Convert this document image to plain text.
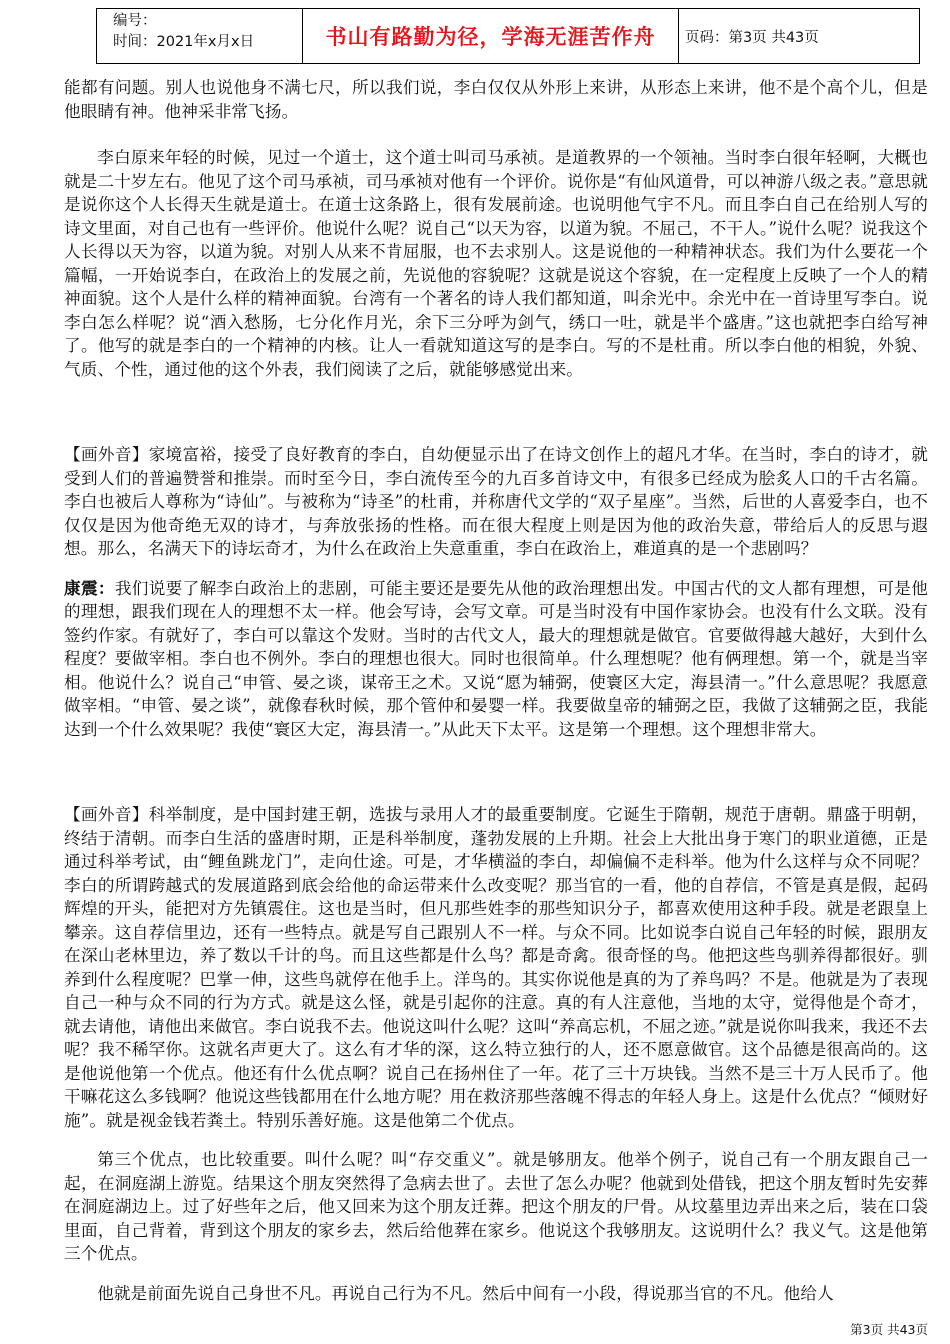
编号：
时间：2021年x月x日	书山有路勤为径，学海无涯苦作舟	页码：第3页 共43页

能都有问题。别人也说他身不满七尺，所以我们说，李白仅仅从外形上来讲，从形态上来讲，他不是个高个儿，但是他眼睛有神。他神采非常飞扬。

李白原来年轻的时候，见过一个道士，这个道士叫司马承祯。是道教界的一个领袖。当时李白很年轻啊，大概也就是二十岁左右。他见了这个司马承祯，司马承祯对他有一个评价。说你是“有仙风道骨，可以神游八级之表。”意思就是说你这个人长得天生就是道士。在道士这条路上，很有发展前途。也说明他气宇不凡。而且李白自己在给别人写的诗文里面，对自己也有一些评价。他说什么呢？说自己“以天为容，以道为貌。不屈己，不干人。”说什么呢？说我这个人长得以天为容，以道为貌。对别人从来不肯屈服，也不去求别人。这是说他的一种精神状态。我们为什么要花一个篇幅，一开始说李白，在政治上的发展之前，先说他的容貌呢？这就是说这个容貌，在一定程度上反映了一个人的精神面貌。这个人是什么样的精神面貌。台湾有一个著名的诗人我们都知道，叫余光中。余光中在一首诗里写李白。说李白怎么样呢？说“酒入愁肠，七分化作月光，余下三分呼为剑气，绣口一吐，就是半个盛唐。”这也就把李白给写神了。他写的就是李白的一个精神的内核。让人一看就知道这写的是李白。写的不是杜甫。所以李白他的相貌，外貌、气质、个性，通过他的这个外表，我们阅读了之后，就能够感觉出来。

【画外音】家境富裕，接受了良好教育的李白，自幼便显示出了在诗文创作上的超凡才华。在当时，李白的诗才，就受到人们的普遍赞誉和推崇。而时至今日，李白流传至今的九百多首诗文中，有很多已经成为脍炙人口的千古名篇。李白也被后人尊称为“诗仙”。与被称为“诗圣”的杜甫，并称唐代文学的“双子星座”。当然，后世的人喜爱李白，也不仅仅是因为他奇绝无双的诗才，与奔放张扬的性格。而在很大程度上则是因为他的政治失意，带给后人的反思与遐想。那么，名满天下的诗坛奇才，为什么在政治上失意重重，李白在政治上，难道真的是一个悲剧吗？

康震：我们说要了解李白政治上的悲剧，可能主要还是要先从他的政治理想出发。中国古代的文人都有理想，可是他的理想，跟我们现在人的理想不太一样。他会写诗，会写文章。可是当时没有中国作家协会。也没有什么文联。没有签约作家。有就好了，李白可以靠这个发财。当时的古代文人，最大的理想就是做官。官要做得越大越好，大到什么程度？要做宰相。李白也不例外。李白的理想也很大。同时也很简单。什么理想呢？他有俩理想。第一个，就是当宰相。他说什么？说自己“申管、晏之谈，谋帝王之术。又说“愿为辅弼，使寰区大定，海县清一。”什么意思呢？我愿意做宰相。“申管、晏之谈”，就像春秋时候，那个管仲和晏婴一样。我要做皇帝的辅弼之臣，我做了这辅弼之臣，我能达到一个什么效果呢？我使“寰区大定，海县清一。”从此天下太平。这是第一个理想。这个理想非常大。

【画外音】科举制度，是中国封建王朝，选拔与录用人才的最重要制度。它诞生于隋朝，规范于唐朝。鼎盛于明朝，终结于清朝。而李白生活的盛唐时期，正是科举制度，蓬勃发展的上升期。社会上大批出身于寒门的职业道德，正是通过科举考试，由“鲤鱼跳龙门”，走向仕途。可是，才华横溢的李白，却偏偏不走科举。他为什么这样与众不同呢？李白的所谓跨越式的发展道路到底会给他的命运带来什么改变呢？那当官的一看，他的自荐信，不管是真是假，起码辉煌的开头，能把对方先镇震住。这也是当时，但凡那些姓李的那些知识分子，都喜欢使用这种手段。就是老跟皇上攀亲。这自荐信里边，还有一些特点。就是写自己跟别人不一样。与众不同。比如说李白说自己年轻的时候，跟朋友在深山老林里边，养了数以千计的鸟。而且这些都是什么鸟？都是奇禽。很奇怪的鸟。他把这些鸟驯养得都很好。驯养到什么程度呢？巴掌一伸，这些鸟就停在他手上。洋鸟的。其实你说他是真的为了养鸟吗？不是。他就是为了表现自己一种与众不同的行为方式。就是这么怪，就是引起你的注意。真的有人注意他，当地的太守，觉得他是个奇才，就去请他，请他出来做官。李白说我不去。他说这叫什么呢？这叫“养高忘机，不屈之迹。”就是说你叫我来，我还不去呢？我不稀罕你。这就名声更大了。这么有才华的深，这么特立独行的人，还不愿意做官。这个品德是很高尚的。这是他说他第一个优点。他还有什么优点啊？说自己在扬州住了一年。花了三十万块钱。当然不是三十万人民币了。他干嘛花这么多钱啊？他说这些钱都用在什么地方呢？用在救济那些落魄不得志的年轻人身上。这是什么优点？“倾财好施”。就是视金钱若粪土。特别乐善好施。这是他第二个优点。

第三个优点，也比较重要。叫什么呢？叫“存交重义”。就是够朋友。他举个例子，说自己有一个朋友跟自己一起，在洞庭湖上游览。结果这个朋友突然得了急病去世了。去世了怎么办呢？他就到处借钱，把这个朋友暂时先安葬在洞庭湖边上。过了好些年之后，他又回来为这个朋友迁葬。把这个朋友的尸骨。从坟墓里边弄出来之后，装在口袋里面，自己背着，背到这个朋友的家乡去，然后给他葬在家乡。他说这个我够朋友。这说明什么？我义气。这是他第三个优点。

他就是前面先说自己身世不凡。再说自己行为不凡。然后中间有一小段，得说那当官的不凡。他给人

第3页 共43页
